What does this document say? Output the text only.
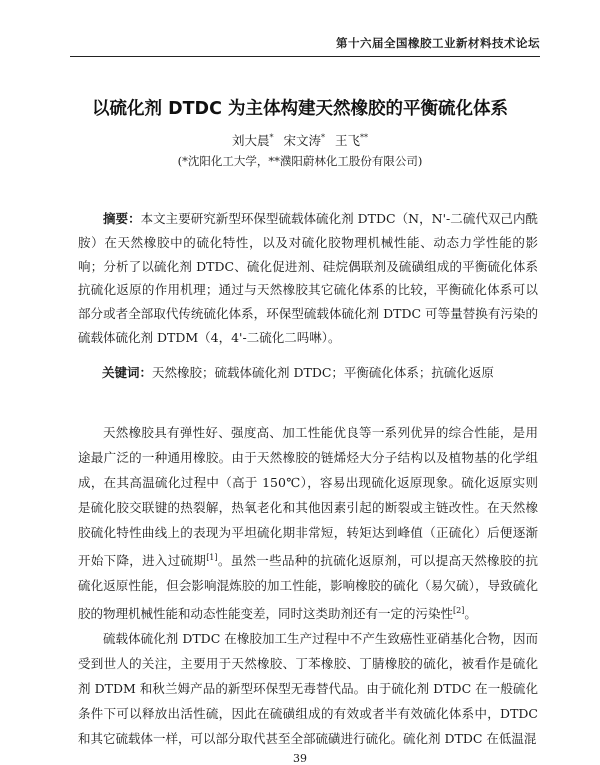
第十六届全国橡胶工业新材料技术论坛
以硫化剂 DTDC 为主体构建天然橡胶的平衡硫化体系
刘大晨* 宋文涛* 王飞**
(*沈阳化工大学，**濮阳蔚林化工股份有限公司)
摘要：本文主要研究新型环保型硫载体硫化剂 DTDC（N，N'-二硫代双己内酰胺）在天然橡胶中的硫化特性，以及对硫化胶物理机械性能、动态力学性能的影响；分析了以硫化剂 DTDC、硫化促进剂、硅烷偶联剂及硫磺组成的平衡硫化体系抗硫化返原的作用机理；通过与天然橡胶其它硫化体系的比较，平衡硫化体系可以部分或者全部取代传统硫化体系，环保型硫载体硫化剂 DTDC 可等量替换有污染的硫载体硫化剂 DTDM（4，4'-二硫化二吗啉）。
关键词：天然橡胶；硫载体硫化剂 DTDC；平衡硫化体系；抗硫化返原

天然橡胶具有弹性好、强度高、加工性能优良等一系列优异的综合性能，是用途最广泛的一种通用橡胶。由于天然橡胶的链烯烃大分子结构以及植物基的化学组成，在其高温硫化过程中（高于 150℃），容易出现硫化返原现象。硫化返原实则是硫化胶交联键的热裂解，热氧老化和其他因素引起的断裂或主链改性。在天然橡胶硫化特性曲线上的表现为平坦硫化期非常短，转矩达到峰值（正硫化）后便逐渐开始下降，进入过硫期[1]。虽然一些品种的抗硫化返原剂，可以提高天然橡胶的抗硫化返原性能，但会影响混炼胶的加工性能，影响橡胶的硫化（易欠硫），导致硫化胶的物理机械性能和动态性能变差，同时这类助剂还有一定的污染性[2]。

硫载体硫化剂 DTDC 在橡胶加工生产过程中不产生致癌性亚硝基化合物，因而受到世人的关注，主要用于天然橡胶、丁苯橡胶、丁腈橡胶的硫化，被看作是硫化剂 DTDM 和秋兰姆产品的新型环保型无毒替代品。由于硫化剂 DTDC 在一般硫化条件下可以释放出活性硫，因此在硫磺组成的有效或者半有效硫化体系中，DTDC 和其它硫载体一样，可以部分取代甚至全部硫磺进行硫化。硫化剂 DTDC 在低温混

39
